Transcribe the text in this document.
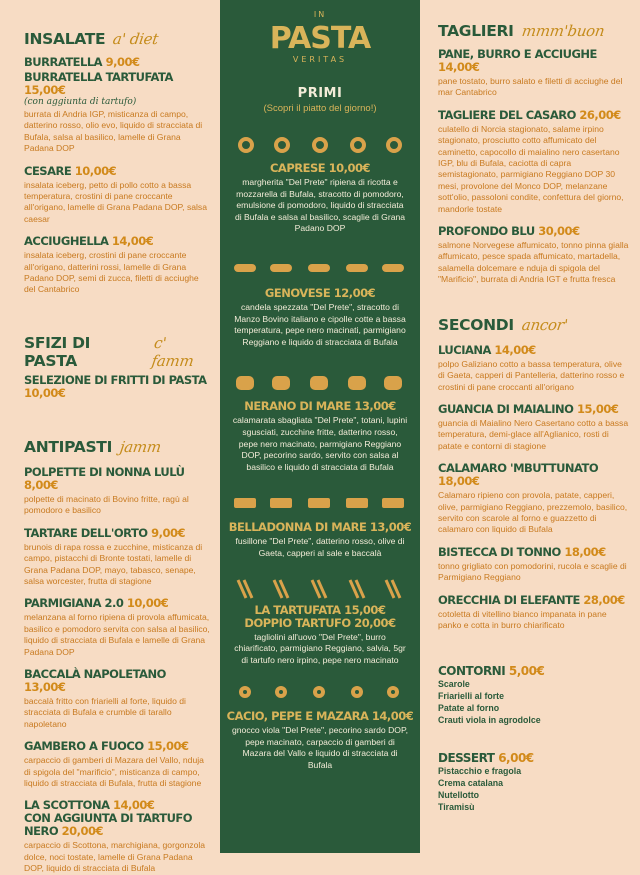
INSALATE a' diet
BURRATELLA 9,00€
BURRATELLA TARTUFATA 15,00€
(con aggiunta di tartufo)
burrata di Andria IGP, misticanza di campo, datterino rosso, olio evo, liquido di stracciata di Bufala, salsa al basilico, lamelle di Grana Padana DOP
CESARE 10,00€
insalata iceberg, petto di pollo cotto a bassa temperatura, crostini di pane croccante all'origano, lamelle di Grana Padana DOP, salsa caesar
ACCIUGHELLA 14,00€
insalata iceberg, crostini di pane croccante all'origano, datterini rossi, lamelle di Grana Padano DOP, semi di zucca, filetti di acciughe del Cantabrico
SFIZI DI PASTA
c' famm
SELEZIONE DI FRITTI DI PASTA 10,00€
ANTIPASTI jamm
POLPETTE DI NONNA LULÙ 8,00€
polpette di macinato di Bovino fritte, ragù al pomodoro e basilico
TARTARE DELL'ORTO 9,00€
brunois di rapa rossa e zucchine, misticanza di campo, pistacchi di Bronte tostati, lamelle di Grana Padana DOP, mayo, tabasco, senape, salsa worcester, frutta di stagione
PARMIGIANA 2.0 10,00€
melanzana al forno ripiena di provola affumicata, basilico e pomodoro servita con salsa al basilico, liquido di stracciata di Bufala e lamelle di Grana Padana DOP
BACCALÀ NAPOLETANO 13,00€
baccalà fritto con friarielli al forte, liquido di stracciata di Bufala e crumble di tarallo napoletano
GAMBERO A FUOCO 15,00€
carpaccio di gamberi di Mazara del Vallo, nduja di spigola del "marificio", misticanza di campo, liquido di stracciata di Bufala, frutta di stagione
LA SCOTTONA 14,00€
CON AGGIUNTA DI TARTUFO NERO 20,00€
carpaccio di Scottona, marchigiana, gorgonzola dolce, noci tostate, lamelle di Grana Padana DOP, liquido di stracciata di Bufala
IN
PASTA
VERITAS
PRIMI
(Scopri il piatto del giorno!)
CAPRESE 10,00€
margherita "Del Prete" ripiena di ricotta e mozzarella di Bufala, stracotto di pomodoro, emulsione di pomodoro, liquido di stracciata di Bufala e salsa al basilico, scaglie di Grana Padano DOP
GENOVESE 12,00€
candela spezzata "Del Prete", stracotto di Manzo Bovino italiano e cipolle cotte a bassa temperatura, pepe nero macinati, parmigiano Reggiano e liquido di stracciata di Bufala
NERANO DI MARE 13,00€
calamarata sbagliata "Del Prete", totani, lupini sgusciati, zucchine fritte, datterino rosso, pepe nero macinato, parmigiano Reggiano DOP, pecorino sardo, servito con salsa al basilico e liquido di stracciata di Bufala
BELLADONNA DI MARE 13,00€
fusillone "Del Prete", datterino rosso, olive di Gaeta, capperi al sale e baccalà
LA TARTUFATA 15,00€
DOPPIO TARTUFO 20,00€
tagliolini all'uovo "Del Prete", burro chiarificato, parmigiano Reggiano, salvia, 5gr di tartufo nero irpino, pepe nero macinato
CACIO, PEPE E MAZARA 14,00€
gnocco viola "Del Prete", pecorino sardo DOP, pepe macinato, carpaccio di gamberi di Mazara del Vallo e liquido di stracciata di Bufala
TAGLIERI mmm'buon
PANE, BURRO E ACCIUGHE 14,00€
pane tostato, burro salato e filetti di acciughe del mar Cantabrico
TAGLIERE DEL CASARO 26,00€
culatello di Norcia stagionato, salame irpino stagionato, prosciutto cotto affumicato del caminetto, capocollo di maialino nero casertano IGP, blu di Bufala, caciotta di capra semistagionato, parmigiano Reggiano DOP 30 mesi, provolone del Monco DOP, melanzane sott'olio, passoloni condite, confettura del giorno, mandorle tostate
PROFONDO BLU 30,00€
salmone Norvegese affumicato, tonno pinna gialla affumicato, pesce spada affumicato, martadella, salamella dolcemare e nduja di spigola del "Marificio", burrata di Andria IGT e frutta fresca
SECONDI ancor'
LUCIANA 14,00€
polpo Galiziano cotto a bassa temperatura, olive di Gaeta, capperi di Pantelleria, datterino rosso e crostini di pane croccanti all'origano
GUANCIA DI MAIALINO 15,00€
guancia di Maialino Nero Casertano cotto a bassa temperatura, demi-glace all'Aglianico, rosti di patate e contorni di stagione
CALAMARO 'MBUTTUNATO 18,00€
Calamaro ripieno con provola, patate, capperi, olive, parmigiano Reggiano, prezzemolo, basilico, servito con scarole al forno e guazzetto di calamaro con liquido di Bufala
BISTECCA DI TONNO 18,00€
tonno grigliato con pomodorini, rucola e scaglie di Parmigiano Reggiano
ORECCHIA DI ELEFANTE 28,00€
cotoletta di vitellino bianco impanata in pane panko e cotta in burro chiarificato
CONTORNI 5,00€
Scarole
Friarielli al forte
Patate al forno
Crauti viola in agrodolce
DESSERT 6,00€
Pistacchio e fragola
Crema catalana
Nutellotto
Tiramisù
